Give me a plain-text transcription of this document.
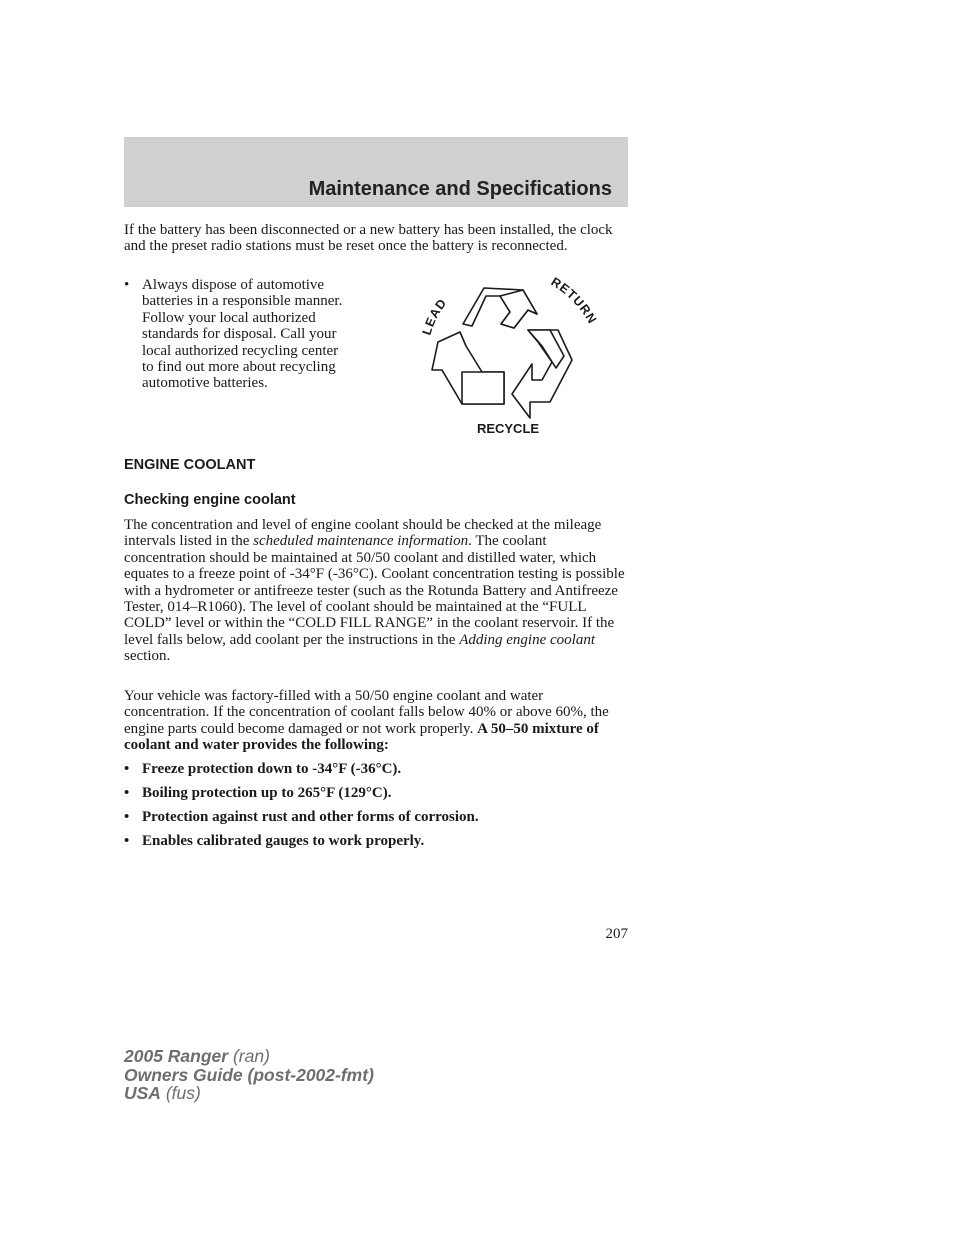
Maintenance and Specifications

If the battery has been disconnected or a new battery has been installed, the clock and the preset radio stations must be reset once the battery is reconnected.

• Always dispose of automotive
batteries in a responsible manner.
Follow your local authorized
standards for disposal. Call your
local authorized recycling center
to find out more about recycling
automotive batteries.
LEAD
RETURN
RECYCLE
ENGINE COOLANT
Checking engine coolant

The concentration and level of engine coolant should be checked at the mileage intervals listed in the scheduled maintenance information. The coolant concentration should be maintained at 50/50 coolant and distilled water, which equates to a freeze point of -34°F (-36°C). Coolant concentration testing is possible with a hydrometer or antifreeze tester (such as the Rotunda Battery and Antifreeze Tester, 014–R1060). The level of coolant should be maintained at the “FULL COLD” level or within the “COLD FILL RANGE” in the coolant reservoir. If the level falls below, add coolant per the instructions in the Adding engine coolant section.

Your vehicle was factory-filled with a 50/50 engine coolant and water concentration. If the concentration of coolant falls below 40% or above 60%, the engine parts could become damaged or not work properly. A 50–50 mixture of coolant and water provides the following:

• Freeze protection down to -34°F (-36°C).
• Boiling protection up to 265°F (129°C).
• Protection against rust and other forms of corrosion.
• Enables calibrated gauges to work properly.
207
2005 Ranger (ran)
Owners Guide (post-2002-fmt)
USA (fus)
